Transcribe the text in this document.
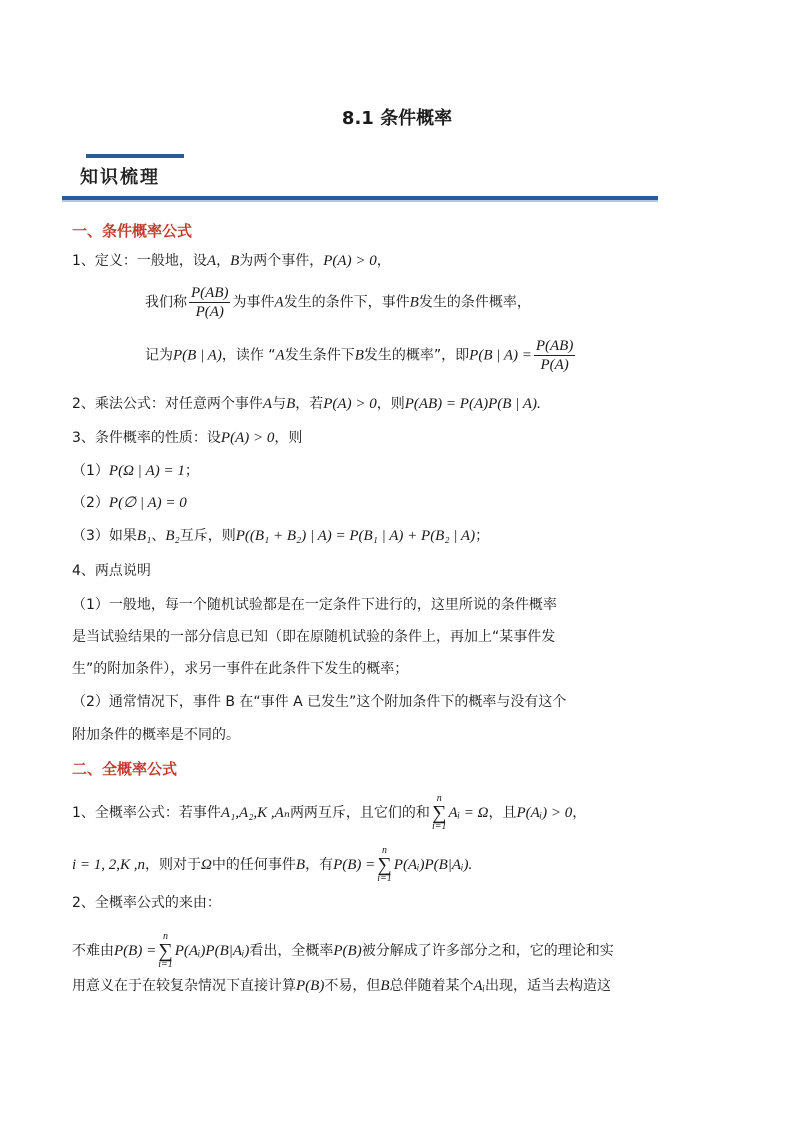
8.1 条件概率
知识梳理
一、条件概率公式
1、定义：一般地，设A，B为两个事件，P(A) > 0，
我们称 $\frac{P(AB)}{P(A)}$ 为事件A发生的条件下，事件B发生的条件概率，
记为P(B | A)，读作 “A发生条件下B发生的概率”，即P(B | $A) = \frac{P(AB)}{P(A)}$
2、乘法公式：对任意两个事件A与B，若P(A) > 0，则P(AB) = P(A)P(B | A).
3、条件概率的性质：设P(A) > 0，则
（1）P(Ω | A) = 1；
（2）P(∅ | A) = 0
（3）如果B₁、B₂互斥，则P((B₁ + B₂) | A) = P(B₁ | A) + P(B₂ | A)；
4、两点说明
（1）一般地，每一个随机试验都是在一定条件下进行的，这里所说的条件概率
是当试验结果的一部分信息已知（即在原随机试验的条件上，再加上“某事件发
生”的附加条件），求另一事件在此条件下发生的概率；
（2）通常情况下，事件 B 在“事件 A 已发生”这个附加条件下的概率与没有这个
附加条件的概率是不同的。
二、全概率公式
1、全概率公式：若事件A₁,A₂,K ,Aₙ两两互斥，且它们的和n
∑
i=1Aᵢ = Ω，且P(Aᵢ) > 0，
i = 1, 2,K ,n，则对于Ω中的任何事件B，有P(B) =n
∑
i=1P(Aᵢ)P(B|Aᵢ).
2、全概率公式的来由：
不难由P(B) =n
∑
i=1P(Aᵢ)P(B|Aᵢ)看出，全概率P(B)被分解成了许多部分之和，它的理论和实
用意义在于在较复杂情况下直接计算P(B)不易，但B总伴随着某个Aᵢ出现，适当去构造这
